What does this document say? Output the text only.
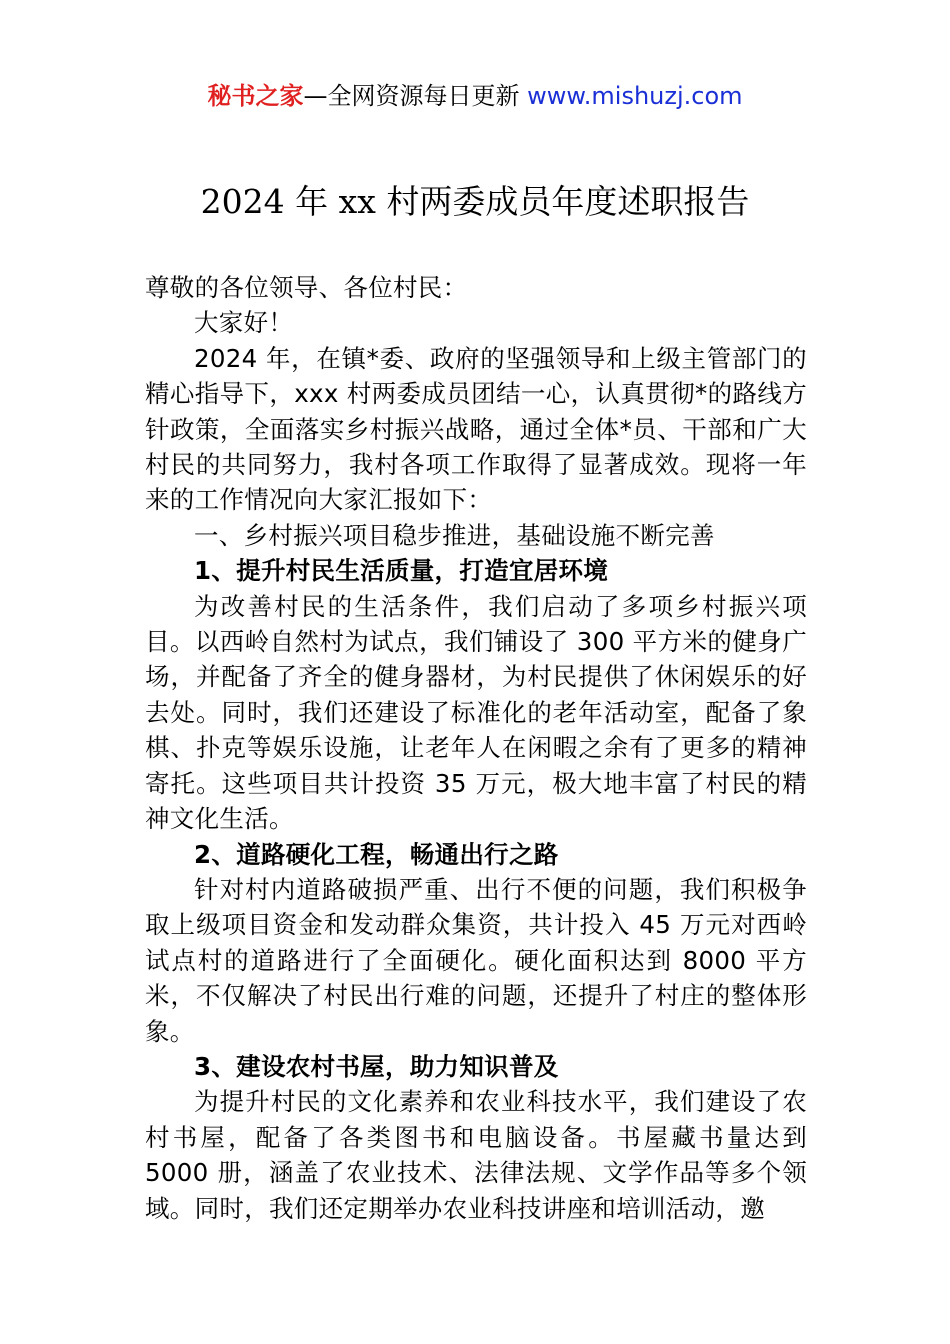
秘书之家—全网资源每日更新 www.mishuzj.com
2024 年 xx 村两委成员年度述职报告

尊敬的各位领导、各位村民：

大家好！

2024 年，在镇*委、政府的坚强领导和上级主管部门的精心指导下，xxx 村两委成员团结一心，认真贯彻*的路线方针政策，全面落实乡村振兴战略，通过全体*员、干部和广大村民的共同努力，我村各项工作取得了显著成效。现将一年来的工作情况向大家汇报如下：

一、乡村振兴项目稳步推进，基础设施不断完善

1、提升村民生活质量，打造宜居环境

为改善村民的生活条件，我们启动了多项乡村振兴项目。以西岭自然村为试点，我们铺设了 300 平方米的健身广场，并配备了齐全的健身器材，为村民提供了休闲娱乐的好去处。同时，我们还建设了标准化的老年活动室，配备了象棋、扑克等娱乐设施，让老年人在闲暇之余有了更多的精神寄托。这些项目共计投资 35 万元，极大地丰富了村民的精神文化生活。

2、道路硬化工程，畅通出行之路

针对村内道路破损严重、出行不便的问题，我们积极争取上级项目资金和发动群众集资，共计投入 45 万元对西岭试点村的道路进行了全面硬化。硬化面积达到 8000 平方米，不仅解决了村民出行难的问题，还提升了村庄的整体形象。

3、建设农村书屋，助力知识普及

为提升村民的文化素养和农业科技水平，我们建设了农村书屋，配备了各类图书和电脑设备。书屋藏书量达到 5000 册，涵盖了农业技术、法律法规、文学作品等多个领域。同时，我们还定期举办农业科技讲座和培训活动，邀
